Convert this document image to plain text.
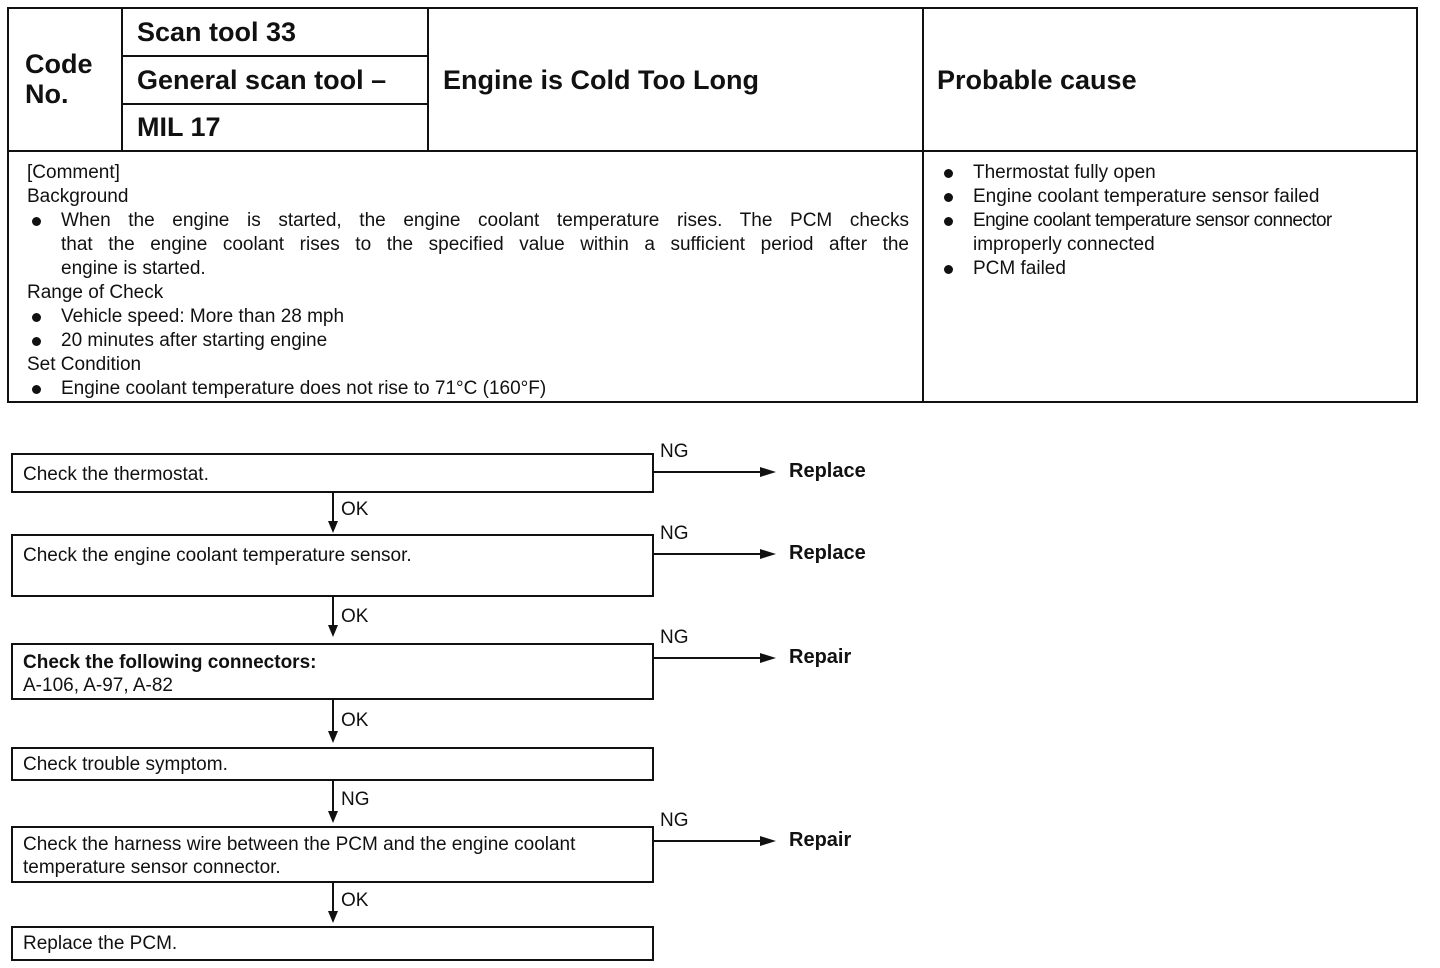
Code
No.
Scan tool 33
General scan tool –
MIL 17
Engine is Cold Too Long	Probable cause
[Comment]
Background
When the engine is started, the engine coolant temperature rises. The PCM checks
that the engine coolant rises to the specified value within a sufficient period after the
engine is started.
Range of Check
Vehicle speed: More than 28 mph
20 minutes after starting engine
Set Condition
Engine coolant temperature does not rise to 71°C (160°F)
Thermostat fully open
Engine coolant temperature sensor failed
Engine coolant temperature sensor connector
improperly connected
PCM failed
Check the thermostat.
NG
Replace
OK
Check the engine coolant temperature sensor.
NG
Replace
OK
Check the following connectors:
A-106, A-97, A-82
NG
Repair
OK
Check trouble symptom.
NG
Check the harness wire between the PCM and the engine coolant
temperature sensor connector.
NG
Repair
OK
Replace the PCM.
